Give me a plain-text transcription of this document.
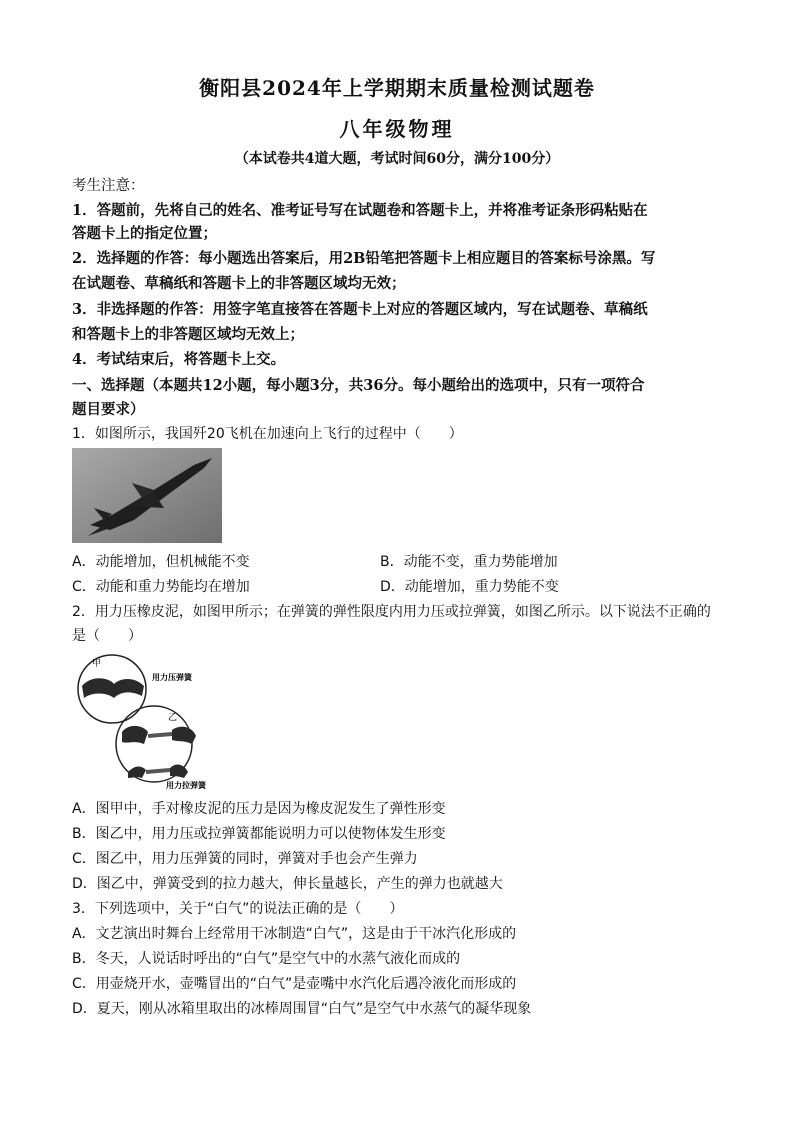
衡阳县2024年上学期期末质量检测试题卷
八年级物理
（本试卷共4道大题，考试时间60分，满分100分）
考生注意：
1．答题前，先将自己的姓名、准考证号写在试题卷和答题卡上，并将准考证条形码粘贴在
答题卡上的指定位置；
2．选择题的作答：每小题选出答案后，用2B铅笔把答题卡上相应题目的答案标号涂黑。写
在试题卷、草稿纸和答题卡上的非答题区域均无效；
3．非选择题的作答：用签字笔直接答在答题卡上对应的答题区域内，写在试题卷、草稿纸
和答题卡上的非答题区域均无效上；
4．考试结束后，将答题卡上交。
一、选择题（本题共12小题，每小题3分，共36分。每小题给出的选项中，只有一项符合
题目要求）
1．如图所示，我国歼20飞机在加速向上飞行的过程中（　　）
A．动能增加，但机械能不变	B．动能不变，重力势能增加
C．动能和重力势能均在增加	D．动能增加，重力势能不变
2．用力压橡皮泥，如图甲所示；在弹簧的弹性限度内用力压或拉弹簧，如图乙所示。以下说法不正确的
是（　　）
甲
用力压弹簧
乙
用力拉弹簧
A．图甲中，手对橡皮泥的压力是因为橡皮泥发生了弹性形变
B．图乙中，用力压或拉弹簧都能说明力可以使物体发生形变
C．图乙中，用力压弹簧的同时，弹簧对手也会产生弹力
D．图乙中，弹簧受到的拉力越大，伸长量越长，产生的弹力也就越大
3．下列选项中，关于“白气”的说法正确的是（　　）
A．文艺演出时舞台上经常用干冰制造“白气”，这是由于干冰汽化形成的
B．冬天，人说话时呼出的“白气”是空气中的水蒸气液化而成的
C．用壶烧开水，壶嘴冒出的“白气”是壶嘴中水汽化后遇冷液化而形成的
D．夏天，刚从冰箱里取出的冰棒周围冒“白气”是空气中水蒸气的凝华现象
